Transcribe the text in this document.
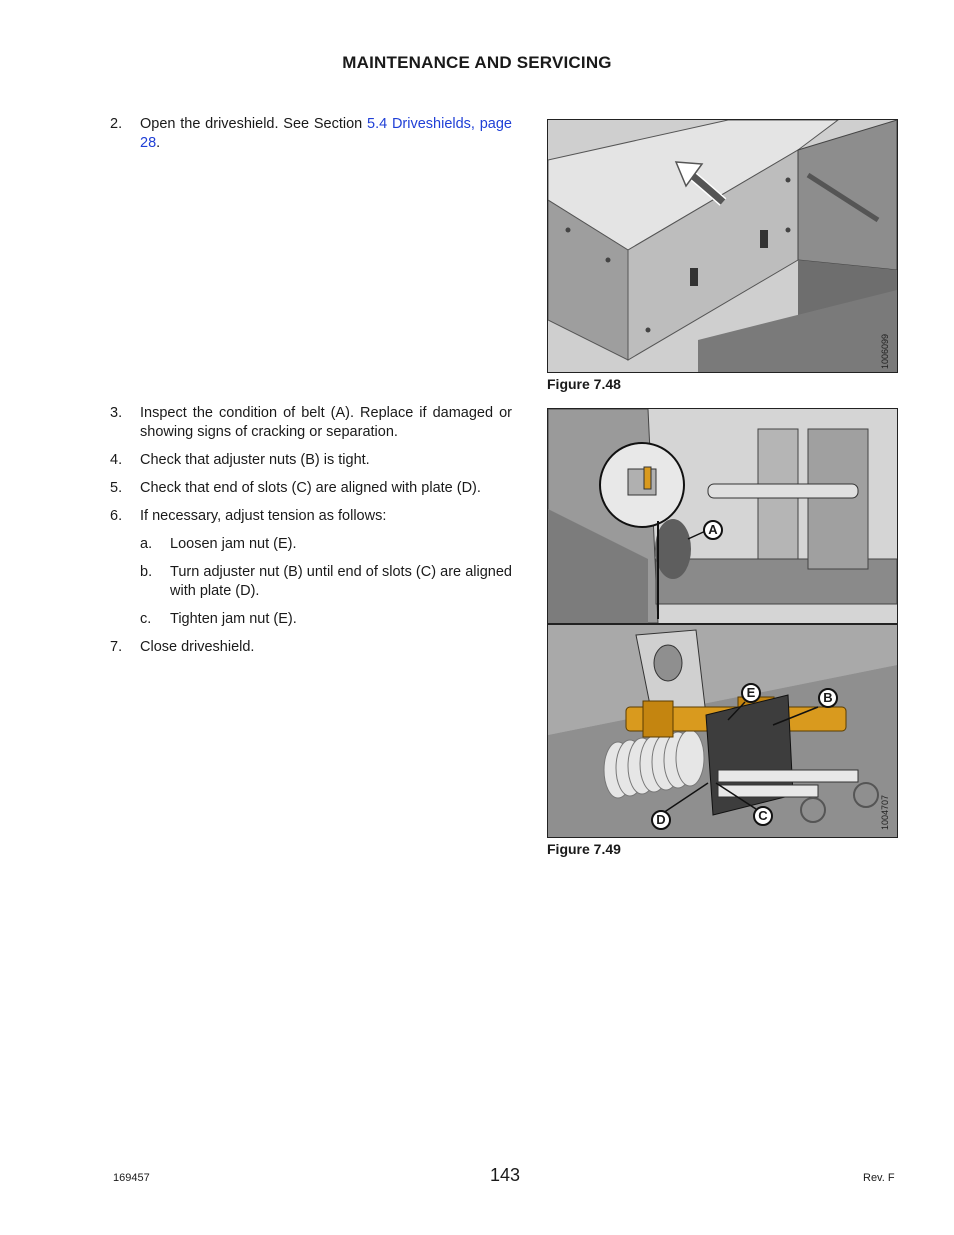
MAINTENANCE AND SERVICING
2.	Open the driveshield. See Section 5.4 Driveshields, page 28.
3.	Inspect the condition of belt (A). Replace if damaged or showing signs of cracking or separation.
4.	Check that adjuster nuts (B) is tight.
5.	Check that end of slots (C) are aligned with plate (D).
6.	If necessary, adjust tension as follows:
a.	Loosen jam nut (E).
b.	Turn adjuster nut (B) until end of slots (C) are aligned with plate (D).
c.	Tighten jam nut (E).
7.	Close driveshield.
1006099
Figure 7.48
A
E	B
C
D	1004707
Figure 7.49
169457	143	Rev. F
